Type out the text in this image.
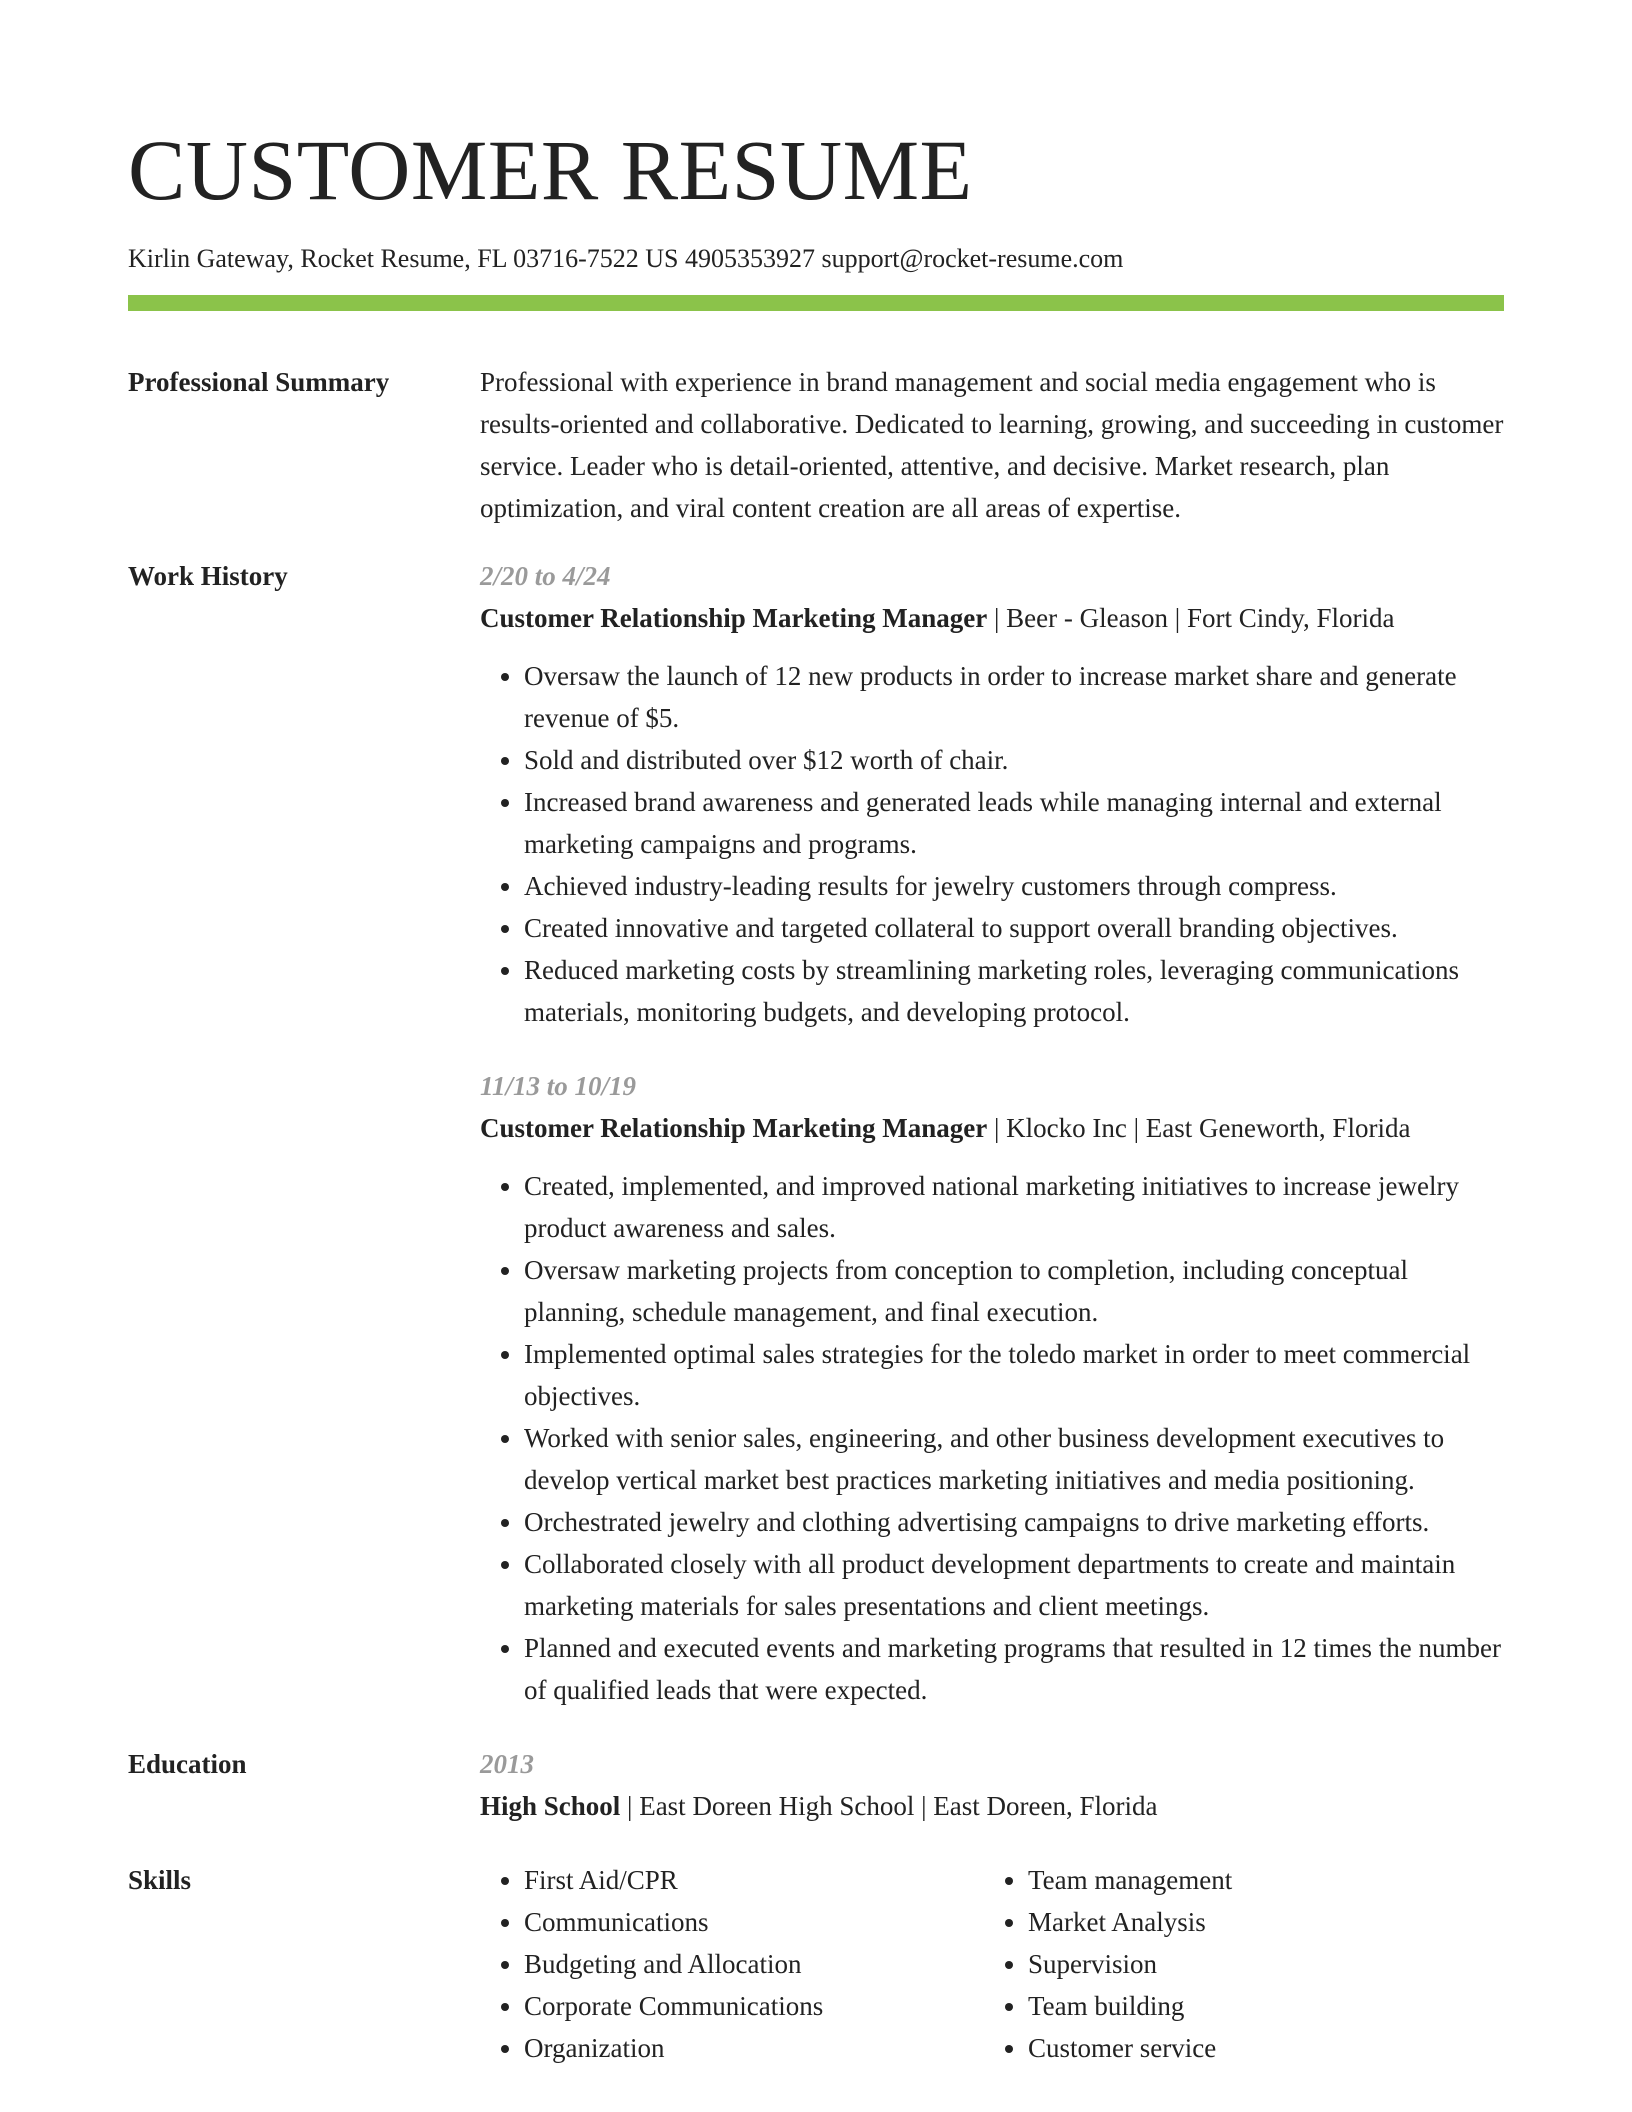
CUSTOMER RESUME
Kirlin Gateway, Rocket Resume, FL 03716-7522 US 4905353927 support@rocket-resume.com
Professional Summary	Professional with experience in brand management and social media engagement who is results-oriented and collaborative. Dedicated to learning, growing, and succeeding in customer service. Leader who is detail-oriented, attentive, and decisive. Market research, plan optimization, and viral content creation are all areas of expertise.

Work History	2/20 to 4/24
Customer Relationship Marketing Manager | Beer - Gleason | Fort Cindy, Florida
• Oversaw the launch of 12 new products in order to increase market share and generate revenue of $5.
• Sold and distributed over $12 worth of chair.
• Increased brand awareness and generated leads while managing internal and external marketing campaigns and programs.
• Achieved industry-leading results for jewelry customers through compress.
• Created innovative and targeted collateral to support overall branding objectives.
• Reduced marketing costs by streamlining marketing roles, leveraging communications materials, monitoring budgets, and developing protocol.
11/13 to 10/19
Customer Relationship Marketing Manager | Klocko Inc | East Geneworth, Florida
• Created, implemented, and improved national marketing initiatives to increase jewelry product awareness and sales.
• Oversaw marketing projects from conception to completion, including conceptual planning, schedule management, and final execution.
• Implemented optimal sales strategies for the toledo market in order to meet commercial objectives.
• Worked with senior sales, engineering, and other business development executives to develop vertical market best practices marketing initiatives and media positioning.
• Orchestrated jewelry and clothing advertising campaigns to drive marketing efforts.
• Collaborated closely with all product development departments to create and maintain marketing materials for sales presentations and client meetings.
• Planned and executed events and marketing programs that resulted in 12 times the number of qualified leads that were expected.
Education	2013
High School | East Doreen High School | East Doreen, Florida
Skills
•	First Aid/CPR
• Communications
• Budgeting and Allocation
• Corporate Communications
• Organization
• Team management
• Market Analysis
• Supervision
• Team building
• Customer service
